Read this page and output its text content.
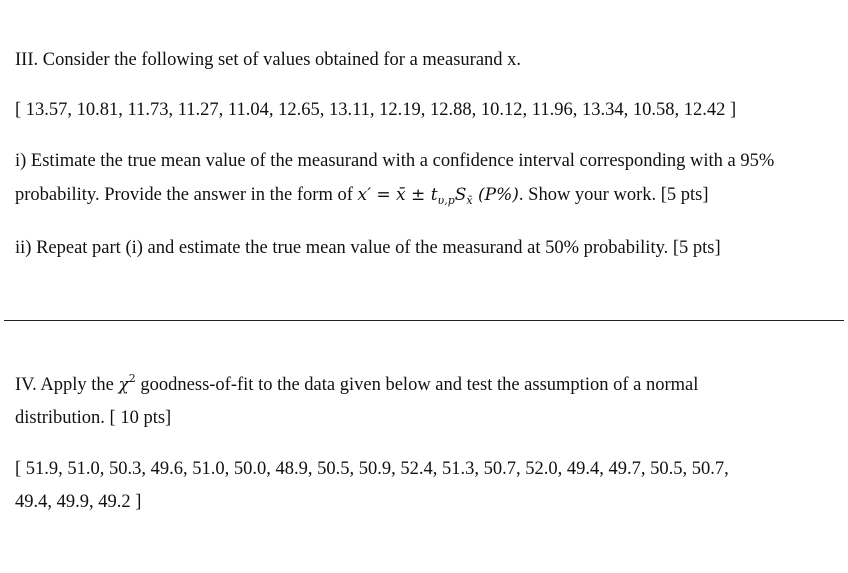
III. Consider the following set of values obtained for a measurand x.
[ 13.57, 10.81, 11.73, 11.27, 11.04, 12.65, 13.11, 12.19, 12.88, 10.12, 11.96, 13.34, 10.58, 12.42 ]
i) Estimate the true mean value of the measurand with a confidence interval corresponding with a 95%
probability. Provide the answer in the form of x′ = x̄ ± $t_{\upsilon,p}S_{x̄}$ (P%). Show your work. [5 pts]
ii) Repeat part (i) and estimate the true mean value of the measurand at 50% probability. [5 pts]
IV. Apply the $\chi^2$ goodness-of-fit to the data given below and test the assumption of a normal
distribution. [ 10 pts]
[ 51.9, 51.0, 50.3, 49.6, 51.0, 50.0, 48.9, 50.5, 50.9, 52.4, 51.3, 50.7, 52.0, 49.4, 49.7, 50.5, 50.7,
49.4, 49.9, 49.2 ]
